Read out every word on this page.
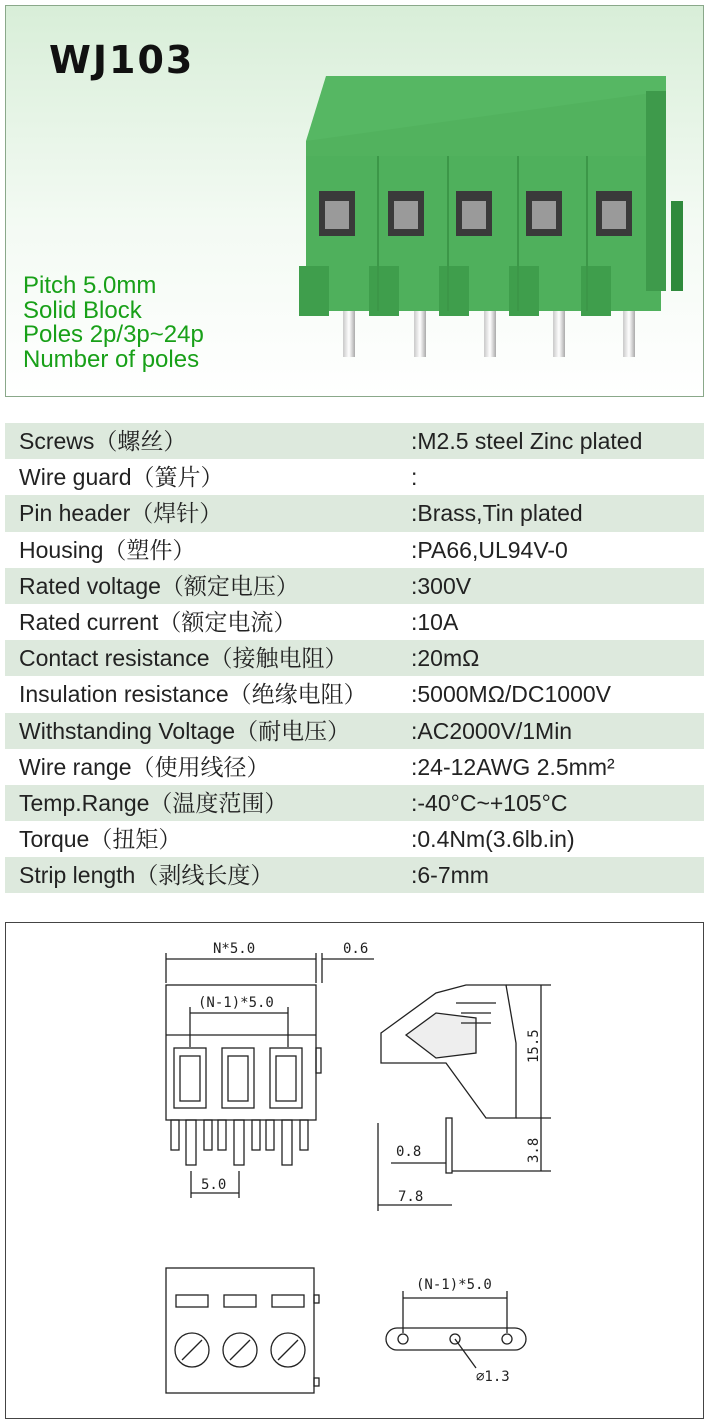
WJ103
Pitch 5.0mm
Solid Block
Poles 2p/3p~24p
Number of poles
Screws（螺丝）	:M2.5 steel Zinc plated
Wire guard（簧片）	:
Pin header（焊针）	:Brass,Tin plated
Housing（塑件）	:PA66,UL94V-0
Rated voltage（额定电压）	:300V
Rated current（额定电流）	:10A
Contact resistance（接触电阻）	:20mΩ
Insulation resistance（绝缘电阻） :5000MΩ/DC1000V
Withstanding Voltage（耐电压）	:AC2000V/1Min
Wire range（使用线径）	:24-12AWG 2.5mm²
Temp.Range（温度范围）	:-40°C~+105°C
Torque（扭矩）	:0.4Nm(3.6lb.in)
Strip length（剥线长度）	:6-7mm
N*5.0	0.6
(N-1)*5.0
5.0
15.5
0.8	3.8
7.8
(N-1)*5.0
⌀1.3
